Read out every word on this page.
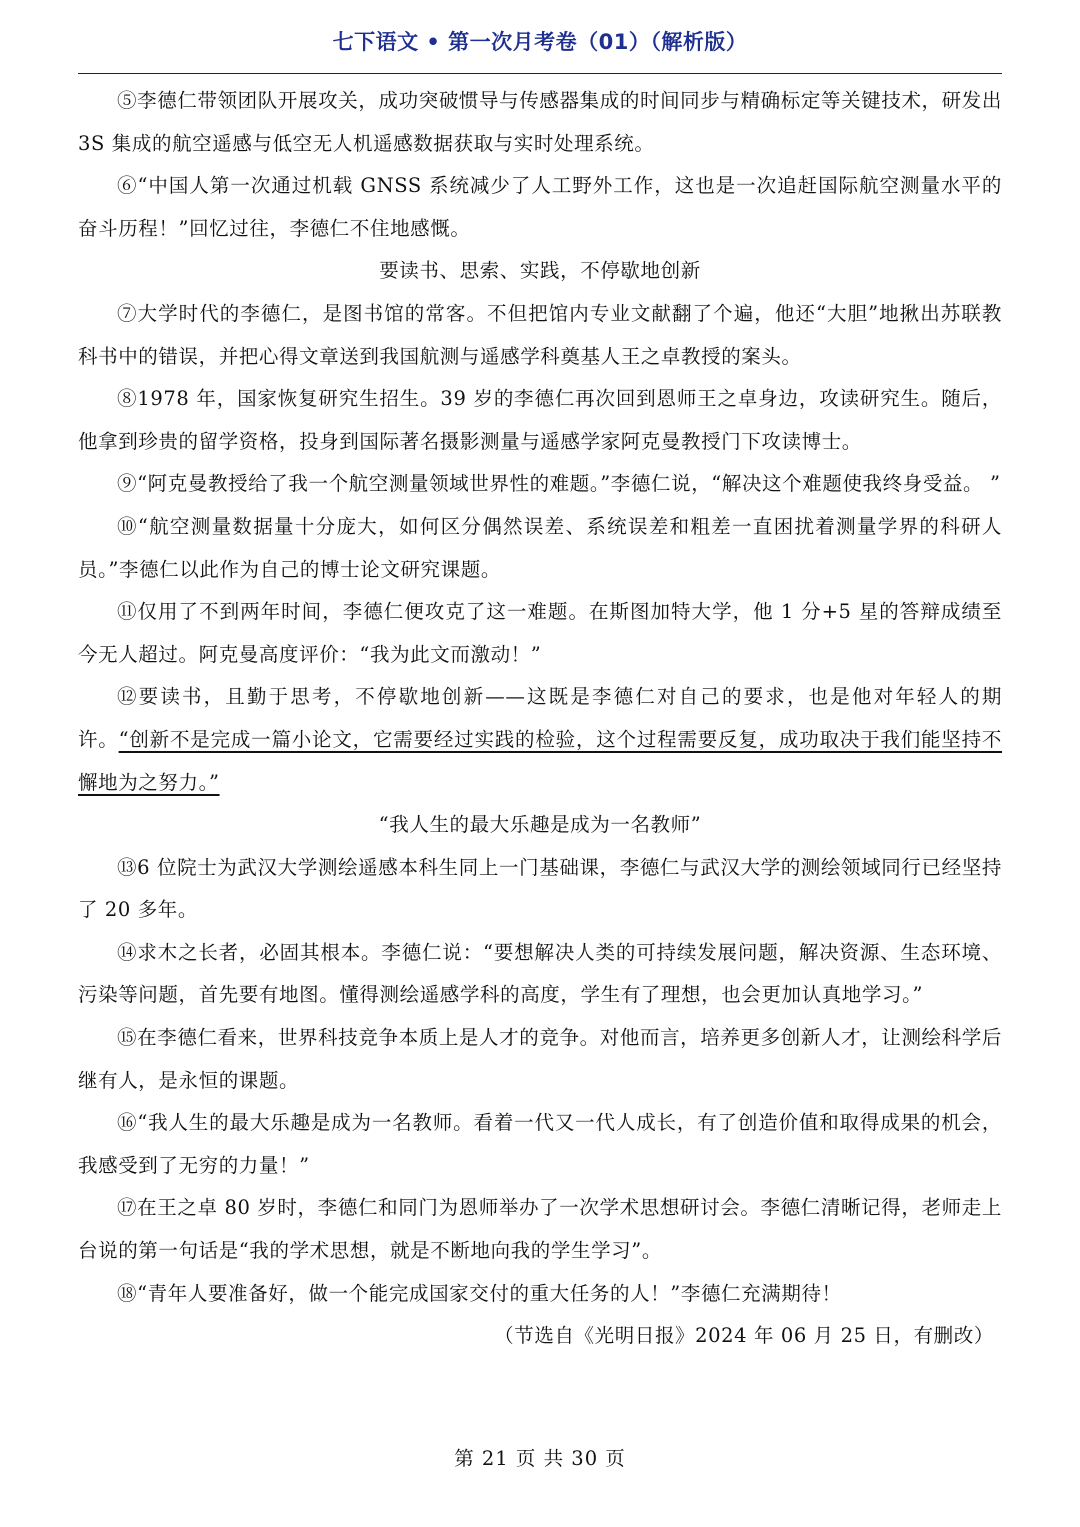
七下语文 • 第一次月考卷（01）（解析版）

⑤李德仁带领团队开展攻关，成功突破惯导与传感器集成的时间同步与精确标定等关键技术，研发出 3S 集成的航空遥感与低空无人机遥感数据获取与实时处理系统。

⑥“中国人第一次通过机载 GNSS 系统减少了人工野外工作，这也是一次追赶国际航空测量水平的奋斗历程！”回忆过往，李德仁不住地感慨。

要读书、思索、实践，不停歇地创新

⑦大学时代的李德仁，是图书馆的常客。不但把馆内专业文献翻了个遍，他还“大胆”地揪出苏联教科书中的错误，并把心得文章送到我国航测与遥感学科奠基人王之卓教授的案头。

⑧1978 年，国家恢复研究生招生。39 岁的李德仁再次回到恩师王之卓身边，攻读研究生。随后，他拿到珍贵的留学资格，投身到国际著名摄影测量与遥感学家阿克曼教授门下攻读博士。

⑨“阿克曼教授给了我一个航空测量领域世界性的难题。”李德仁说，“解决这个难题使我终身受益。 ”

⑩“航空测量数据量十分庞大，如何区分偶然误差、系统误差和粗差一直困扰着测量学界的科研人员。”李德仁以此作为自己的博士论文研究课题。

⑪仅用了不到两年时间，李德仁便攻克了这一难题。在斯图加特大学，他 1 分+5 星的答辩成绩至今无人超过。阿克曼高度评价：“我为此文而激动！”

⑫要读书，且勤于思考，不停歇地创新——这既是李德仁对自己的要求，也是他对年轻人的期许。“创新不是完成一篇小论文，它需要经过实践的检验，这个过程需要反复，成功取决于我们能坚持不懈地为之努力。”

“我人生的最大乐趣是成为一名教师”

⑬6 位院士为武汉大学测绘遥感本科生同上一门基础课，李德仁与武汉大学的测绘领域同行已经坚持了 20 多年。

⑭求木之长者，必固其根本。李德仁说：“要想解决人类的可持续发展问题，解决资源、生态环境、污染等问题，首先要有地图。懂得测绘遥感学科的高度，学生有了理想，也会更加认真地学习。”

⑮在李德仁看来，世界科技竞争本质上是人才的竞争。对他而言，培养更多创新人才，让测绘科学后继有人，是永恒的课题。

⑯“我人生的最大乐趣是成为一名教师。看着一代又一代人成长，有了创造价值和取得成果的机会，我感受到了无穷的力量！”

⑰在王之卓 80 岁时，李德仁和同门为恩师举办了一次学术思想研讨会。李德仁清晰记得，老师走上台说的第一句话是“我的学术思想，就是不断地向我的学生学习”。

⑱“青年人要准备好，做一个能完成国家交付的重大任务的人！”李德仁充满期待！

（节选自《光明日报》2024 年 06 月 25 日，有删改）

第 21 页 共 30 页
